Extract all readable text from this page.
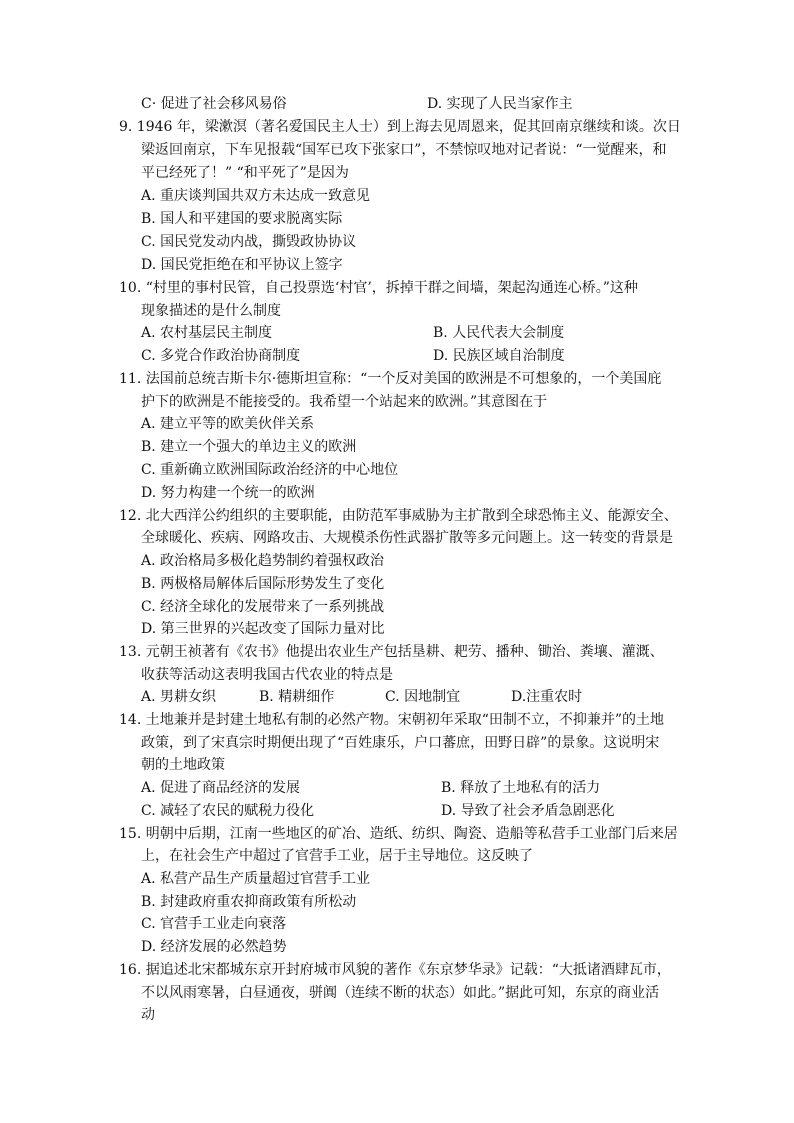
C· 促进了社会移风易俗	D. 实现了人民当家作主
9. 1946 年，梁漱溟（著名爱国民主人士）到上海去见周恩来，促其回南京继续和谈。次日
梁返回南京，下车见报载“国军已攻下张家口”，不禁惊叹地对记者说：“一觉醒来，和
平已经死了！” “和平死了”是因为
A. 重庆谈判国共双方未达成一致意见
B. 国人和平建国的要求脱离实际
C. 国民党发动内战，撕毁政协协议
D. 国民党拒绝在和平协议上签字
10. “村里的事村民管，自己投票选‘村官’，拆掉干群之间墙，架起沟通连心桥。”这种
现象描述的是什么制度
A. 农村基层民主制度	B. 人民代表大会制度
C. 多党合作政治协商制度	D. 民族区域自治制度
11. 法国前总统吉斯卡尔·德斯坦宣称：“一个反对美国的欧洲是不可想象的，一个美国庇
护下的欧洲是不能接受的。我希望一个站起来的欧洲。”其意图在于
A. 建立平等的欧美伙伴关系
B. 建立一个强大的单边主义的欧洲
C. 重新确立欧洲国际政治经济的中心地位
D. 努力构建一个统一的欧洲
12. 北大西洋公约组织的主要职能，由防范军事威胁为主扩散到全球恐怖主义、能源安全、
全球暖化、疾病、网路攻击、大规模杀伤性武器扩散等多元问题上。这一转变的背景是
A. 政治格局多极化趋势制约着强权政治
B. 两极格局解体后国际形势发生了变化
C. 经济全球化的发展带来了一系列挑战
D. 第三世界的兴起改变了国际力量对比
13. 元朝王祯著有《农书》他提出农业生产包括垦耕、耙劳、播种、锄治、粪壤、灌溉、
收获等活动这表明我国古代农业的特点是
A. 男耕女织	B. 精耕细作	C. 因地制宜	D.注重农时
14. 土地兼并是封建土地私有制的必然产物。宋朝初年采取“田制不立，不抑兼并”的土地
政策，到了宋真宗时期便出现了“百姓康乐，户口蕃庶，田野日辟”的景象。这说明宋
朝的土地政策
A. 促进了商品经济的发展	B. 释放了土地私有的活力
C. 减轻了农民的赋税力役化	D. 导致了社会矛盾急剧恶化
15. 明朝中后期，江南一些地区的矿冶、造纸、纺织、陶瓷、造船等私营手工业部门后来居
上，在社会生产中超过了官营手工业，居于主导地位。这反映了
A. 私营产品生产质量超过官营手工业
B. 封建政府重农抑商政策有所松动
C. 官营手工业走向衰落
D. 经济发展的必然趋势
16. 据追述北宋都城东京开封府城市风貌的著作《东京梦华录》记载：“大抵诸酒肆瓦市，
不以风雨寒暑，白昼通夜，骈阗（连续不断的状态）如此。”据此可知，东京的商业活
动
